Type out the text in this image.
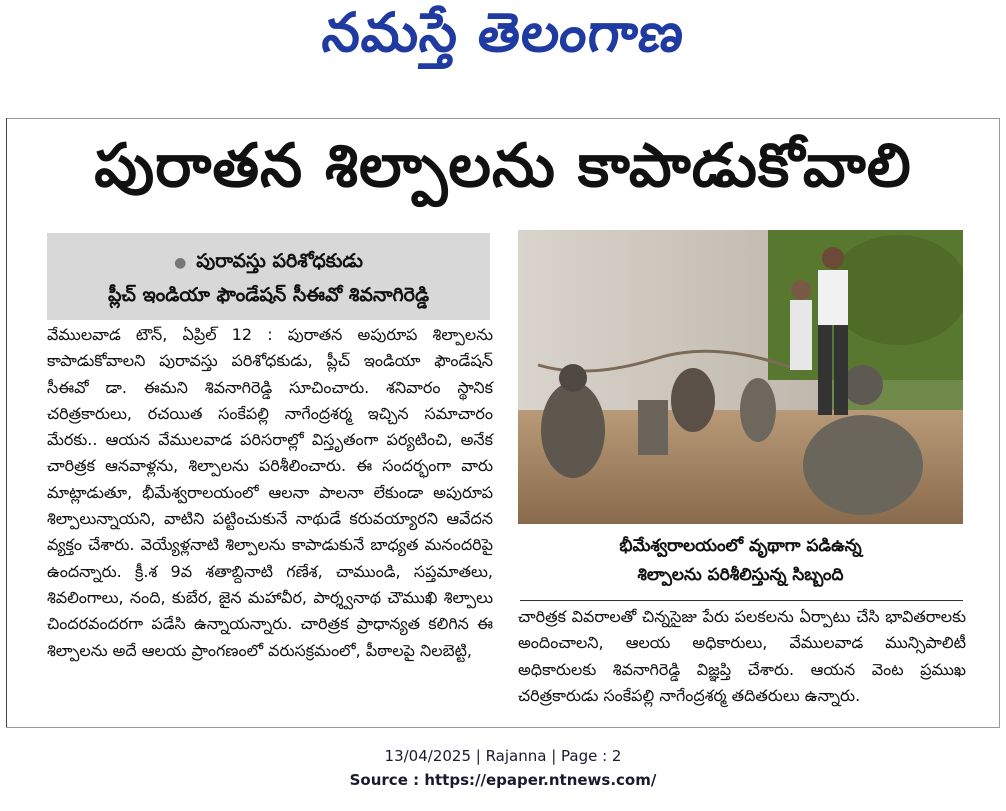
నమస్తే తెలంగాణ
పురాతన శిల్పాలను కాపాడుకోవాలి
● పురావస్తు పరిశోధకుడు
ప్లీచ్ ఇండియా ఫౌండేషన్ సీఈవో శివనాగిరెడ్డి

వేములవాడ టౌన్, ఏప్రిల్ 12 : పురాతన అపురూప శిల్పాలను కాపాడుకోవాలని పురావస్తు పరిశోధకుడు, ప్లీచ్ ఇండియా ఫౌండేషన్ సీఈవో డా. ఈమని శివనాగిరెడ్డి సూచించారు. శనివారం స్థానిక చరిత్రకారులు, రచయిత సంకేపల్లి నాగేంద్రశర్మ ఇచ్చిన సమాచారం మేరకు.. ఆయన వేములవాడ పరిసరాల్లో విస్తృతంగా పర్యటించి, అనేక చారిత్రక ఆనవాళ్లను, శిల్పాలను పరిశీలించారు. ఈ సందర్భంగా వారు మాట్లాడుతూ, భీమేశ్వరాలయంలో ఆలనా పాలనా లేకుండా అపురూప శిల్పాలున్నాయని, వాటిని పట్టించుకునే నాథుడే కరువయ్యారని ఆవేదన వ్యక్తం చేశారు. వెయ్యేళ్లనాటి శిల్పాలను కాపాడుకునే బాధ్యత మనందరిపై ఉందన్నారు. క్రీ.శ 9వ శతాబ్దినాటి గణేశ, చాముండి, సప్తమాతలు, శివలింగాలు, నంది, కుబేర, జైన మహావీర, పార్శ్వనాథ చౌముఖి శిల్పాలు చిందరవందరగా పడేసి ఉన్నాయన్నారు. చారిత్రక ప్రాధాన్యత కలిగిన ఈ శిల్పాలను అదే ఆలయ ప్రాంగణంలో వరుసక్రమంలో, పీఠాలపై నిలబెట్టి,

భీమేశ్వరాలయంలో వృథాగా పడిఉన్న
శిల్పాలను పరిశీలిస్తున్న సిబ్బంది

చారిత్రక వివరాలతో చిన్నసైజు పేరు పలకలను ఏర్పాటు చేసి భావితరాలకు అందించాలని, ఆలయ అధికారులు, వేములవాడ మున్సిపాలిటీ అధికారులకు శివనాగిరెడ్డి విజ్ఞప్తి చేశారు. ఆయన వెంట ప్రముఖ చరిత్రకారుడు సంకేపల్లి నాగేంద్రశర్మ తదితరులు ఉన్నారు.

13/04/2025 | Rajanna | Page : 2
Source : https://epaper.ntnews.com/
